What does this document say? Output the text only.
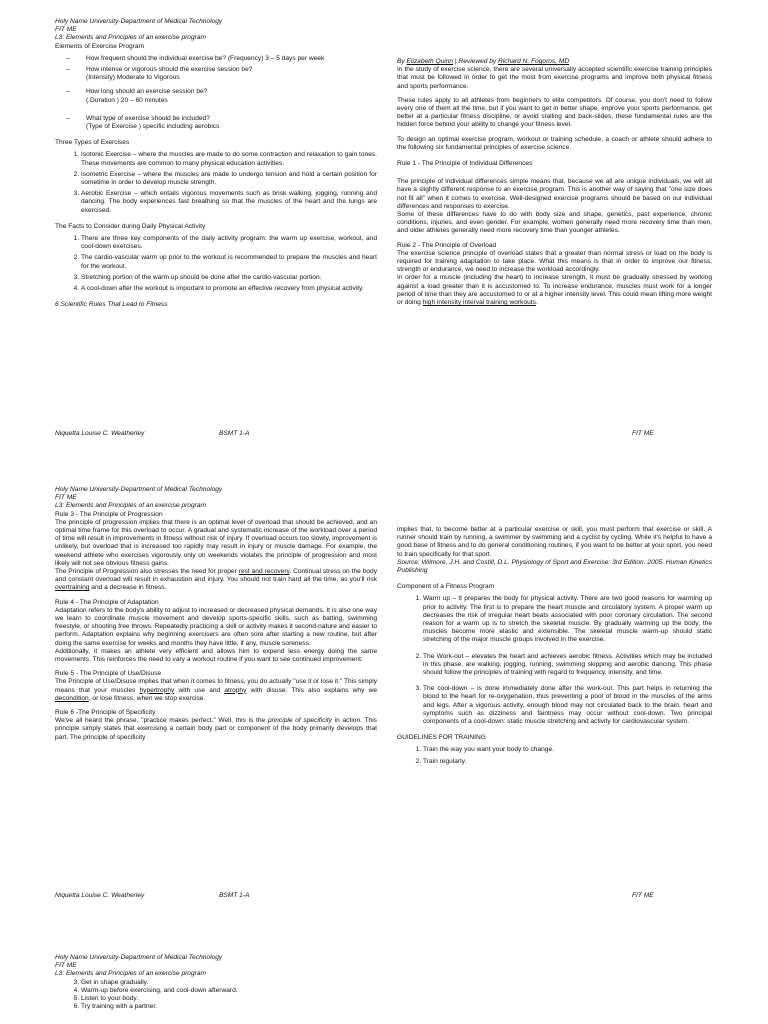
Holy Name University-Department of Medical Technology
FIT ME
L3: Elements and Principles of an exercise program
Elements of Exercise Program
– How frequent should the individual exercise be? (Frequency) 3 – 5 days per week
– How intense or vigorous should the exercise session be?
(Intensity) Moderate to Vigorous
– How long should an exercise session be?
( Duration ) 20 – 60 minutes
– What type of exercise should be included?
(Type of Exercise ) specific including aerobics
Three Types of Exercises
1. Isotonic Exercise – where the muscles are made to do some contraction and relaxation to gain tones. These movements are common to many physical education activities.
2. Isometric Exercise – where the muscles are made to undergo tension and hold a certain position for sometime in order to develop muscle strength.
3. Aerobic Exercise – which entails vigorous movements such as brisk walking, jogging, running and dancing. The body experiences fast breathing so that the muscles of the heart and the lungs are exercised.
The Facts to Consider during Daily Physical Activity
1. There are three key components of the daily activity program: the warm up exercise, workout, and cool-down exercises.
2. The cardio-vascular warm up prior to the workout is recommended to prepare the muscles and heart for the workout.
3. Stretching portion of the warm up should be done after the cardio-vascular portion.
4. A cool-down after the workout is important to promote an effective recovery from physical activity.
6 Scientific Rules That Lead to Fitness
By Elizabeth Quinn | Reviewed by Richard N. Fogoros, MD

In the study of exercise science, there are several universally accepted scientific exercise training principles that must be followed in order to get the most from exercise programs and improve both physical fitness and sports performance.

These rules apply to all athletes from beginners to elite competitors. Of course, you don't need to follow every one of them all the time, but if you want to get in better shape, improve your sports performance, get better at a particular fitness discipline, or avoid stalling and back-slides, these fundamental rules are the hidden force behind your ability to change your fitness level.

To design an optimal exercise program, workout or training schedule, a coach or athlete should adhere to the following six fundamental principles of exercise science.

Rule 1 - The Principle of Individual Differences
The principle of individual differences simple means that, because we all are unique individuals, we will all have a slightly different response to an exercise program. This is another way of saying that "one size does not fit all" when it comes to exercise. Well-designed exercise programs should be based on our individual differences and responses to exercise.

Some of these differences have to do with body size and shape, genetics, past experience, chronic conditions, injuries, and even gender. For example, women generally need more recovery time than men, and older athletes generally need more recovery time than younger athletes.

Rule 2 - The Principle of Overload
The exercise science principle of overload states that a greater than normal stress or load on the body is required for training adaptation to take place. What this means is that in order to improve our fitness, strength or endurance, we need to increase the workload accordingly.
In order for a muscle (including the heart) to increase strength, it must be gradually stressed by working against a load greater than it is accustomed to. To increase endurance, muscles must work for a longer period of time than they are accustomed to or at a higher intensity level. This could mean lifting more weight or doing high intensity interval training workouts.
Niquetta Louise C. Weatherley	BSMT 1-A	FIT ME
Holy Name University-Department of Medical Technology
FIT ME
L3: Elements and Principles of an exercise program
Rule 3 - The Principle of Progression
The principle of progression implies that there is an optimal level of overload that should be achieved, and an optimal time frame for this overload to occur. A gradual and systematic increase of the workload over a period of time will result in improvements in fitness without risk of injury. If overload occurs too slowly, improvement is unlikely, but overload that is increased too rapidly may result in injury or muscle damage. For example, the weekend athlete who exercises vigorously only on weekends violates the principle of progression and most likely will not see obvious fitness gains.

The Principle of Progression also stresses the need for proper rest and recovery. Continual stress on the body and constant overload will result in exhaustion and injury. You should not train hard all the time, as you'll risk overtraining and a decrease in fitness.

Rule 4 - The Principle of Adaptation
Adaptation refers to the body's ability to adjust to increased or decreased physical demands. It is also one way we learn to coordinate muscle movement and develop sports-specific skills, such as batting, swimming freestyle, or shooting free throws. Repeatedly practicing a skill or activity makes it second-nature and easier to perform. Adaptation explains why beginning exercisers are often sore after starting a new routine, but after doing the same exercise for weeks and months they have little, if any, muscle soreness.

Additionally, it makes an athlete very efficient and allows him to expend less energy doing the same movements. This reinforces the need to vary a workout routine if you want to see continued improvement.

Rule 5 - The Principle of Use/Disuse

The Principle of Use/Disuse implies that when it comes to fitness, you do actually "use it or lose it." This simply means that your muscles hypertrophy with use and atrophy with disuse. This also explains why we decondition, or lose fitness, when we stop exercise.

Rule 6 -The Principle of Specificity
We've all heard the phrase, "practice makes perfect." Well, this is the principle of specificity in action. This principle simply states that exercising a certain body part or component of the body primarily develops that part. The principle of specificity
implies that, to become better at a particular exercise or skill, you must perform that exercise or skill. A runner should train by running, a swimmer by swimming and a cyclist by cycling. While it's helpful to have a good base of fitness and to do general conditioning routines, if you want to be better at your sport, you need to train specifically for that sport.

Source: Wilmore, J.H. and Costill, D.L. Physiology of Sport and Exercise: 3rd Edition. 2005. Human Kinetics Publishing

Component of a Fitness Program
1. Warm up – It prepares the body for physical activity. There are two good reasons for warming up prior to activity. The first is to prepare the heart muscle and circulatory system. A proper warm up decreases the risk of irregular heart beats associated with poor coronary circulation. The second reason for a warm up is to stretch the skeletal muscle. By gradually warming up the body, the muscles become more elastic and extensible. The skeletal muscle warm-up should static stretching of the major muscle groups involved in the exercise.
2. The Work-out – elevates the heart and achieves aerobic fitness. Activities which may be included in this phase, are walking, jogging, running, swimming skipping and aerobic dancing. This phase should follow the principles of training with regard to frequency, intensity, and time.
3. The cool-down – is done immediately done after the work-out. This part helps in returning the blood to the heart for re-oxygenation, thus preventing a pool of blood in the muscles of the arms and legs. After a vigorous activity, enough blood may not circulated back to the brain, heart and symptoms such as dizziness and faintness may occur without cool-down. Two principal components of a cool-down: static muscle stretching and activity for cardiovascular system.
GUIDELINES FOR TRAINING
1. Train the way you want your body to change.
2. Train regularly.
Niquetta Louise C. Weatherley	BSMT 1-A	FIT ME
Holy Name University-Department of Medical Technology
FIT ME
L3: Elements and Principles of an exercise program
3. Get in shape gradually.
4. Warm-up before exercising, and cool-down afterward.
5. Listen to your body.
6. Try training with a partner.
